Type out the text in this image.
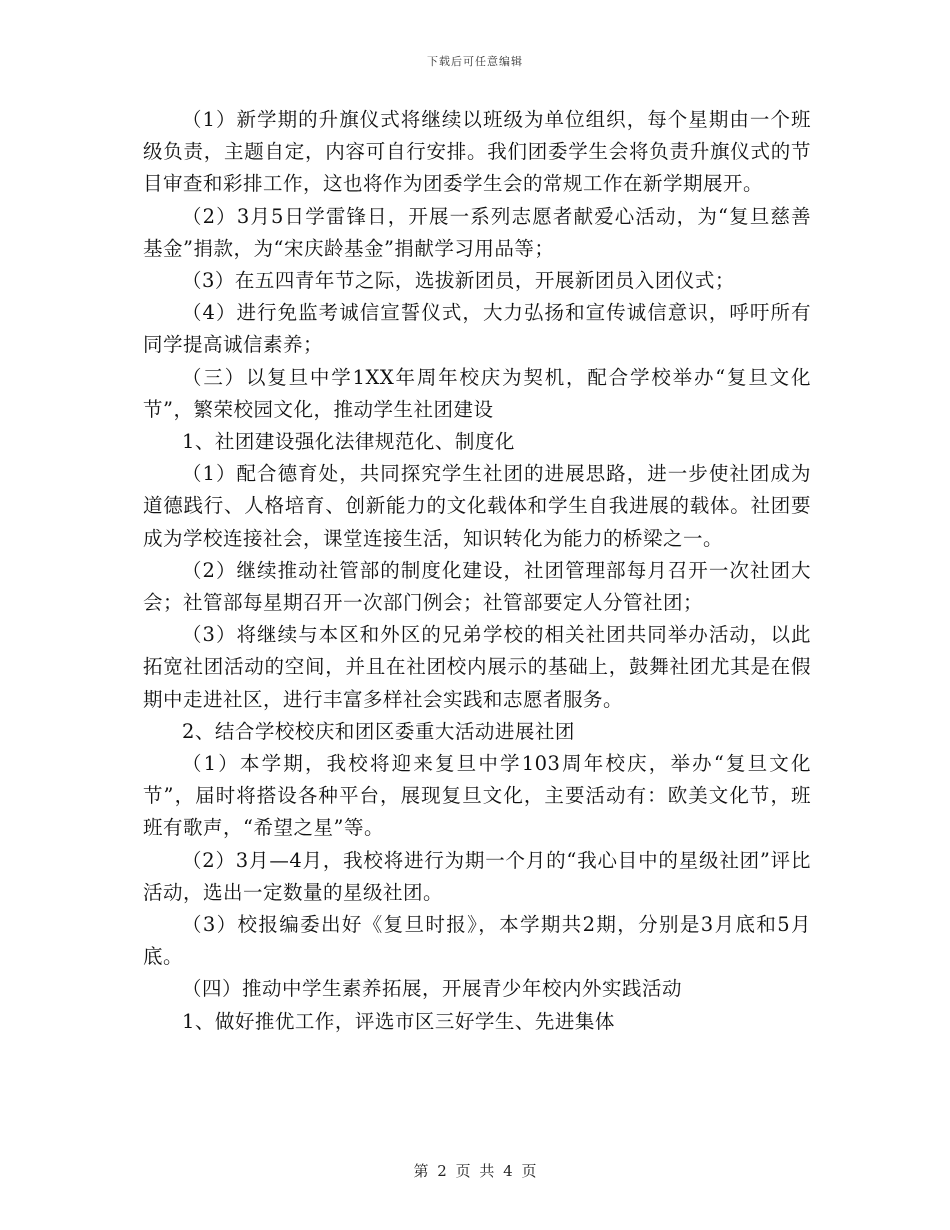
下载后可任意编辑

（1）新学期的升旗仪式将继续以班级为单位组织，每个星期由一个班级负责，主题自定，内容可自行安排。我们团委学生会将负责升旗仪式的节目审查和彩排工作，这也将作为团委学生会的常规工作在新学期展开。

（2）3月5日学雷锋日，开展一系列志愿者献爱心活动，为“复旦慈善基金”捐款，为“宋庆龄基金”捐献学习用品等；

（3）在五四青年节之际，选拔新团员，开展新团员入团仪式；

（4）进行免监考诚信宣誓仪式，大力弘扬和宣传诚信意识，呼吁所有同学提高诚信素养；

（三）以复旦中学1XX年周年校庆为契机，配合学校举办“复旦文化节”，繁荣校园文化，推动学生社团建设

1、社团建设强化法律规范化、制度化

（1）配合德育处，共同探究学生社团的进展思路，进一步使社团成为道德践行、人格培育、创新能力的文化载体和学生自我进展的载体。社团要成为学校连接社会，课堂连接生活，知识转化为能力的桥梁之一。

（2）继续推动社管部的制度化建设，社团管理部每月召开一次社团大会；社管部每星期召开一次部门例会；社管部要定人分管社团；

（3）将继续与本区和外区的兄弟学校的相关社团共同举办活动，以此拓宽社团活动的空间，并且在社团校内展示的基础上，鼓舞社团尤其是在假期中走进社区，进行丰富多样社会实践和志愿者服务。

2、结合学校校庆和团区委重大活动进展社团

（1）本学期，我校将迎来复旦中学103周年校庆，举办“复旦文化节”，届时将搭设各种平台，展现复旦文化，主要活动有：欧美文化节，班班有歌声，“希望之星”等。

（2）3月—4月，我校将进行为期一个月的“我心目中的星级社团”评比活动，选出一定数量的星级社团。

（3）校报编委出好《复旦时报》，本学期共2期，分别是3月底和5月底。

（四）推动中学生素养拓展，开展青少年校内外实践活动

1、做好推优工作，评选市区三好学生、先进集体

第 2 页 共 4 页
